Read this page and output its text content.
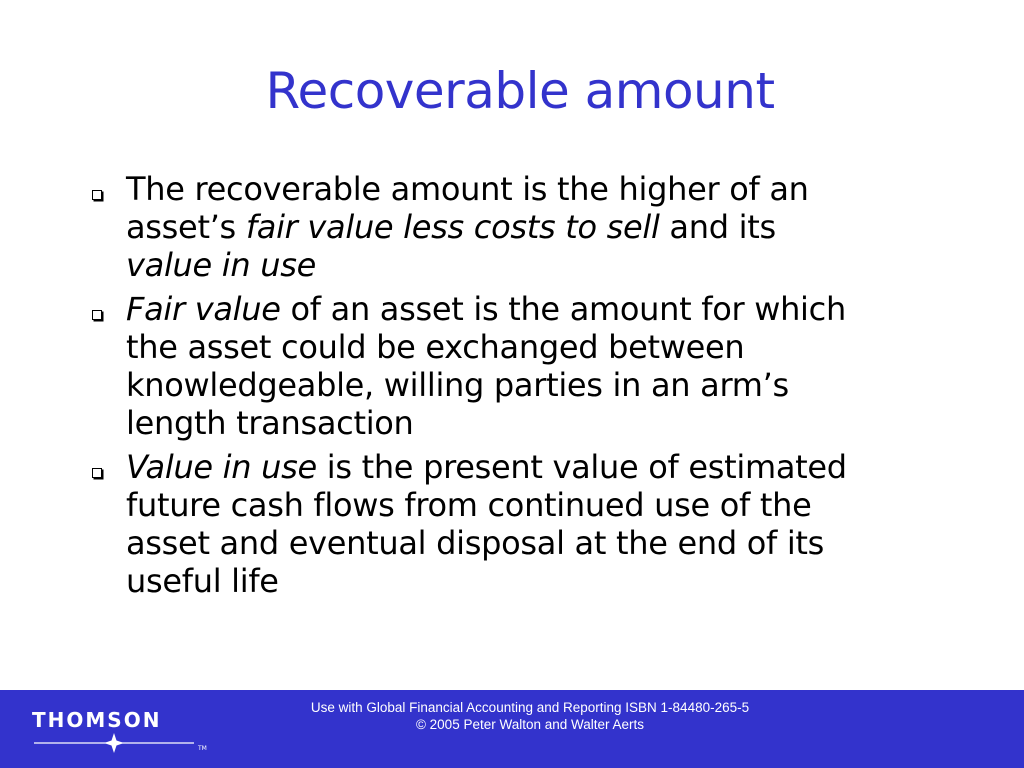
Recoverable amount
The recoverable amount is the higher of an
asset’s fair value less costs to sell and its
value in use
Fair value of an asset is the amount for which
the asset could be exchanged between
knowledgeable, willing parties in an arm’s
length transaction
Value in use is the present value of estimated
future cash flows from continued use of the
asset and eventual disposal at the end of its
useful life
THOMSON
TM
Use with Global Financial Accounting and Reporting ISBN 1-84480-265-5
© 2005 Peter Walton and Walter Aerts
